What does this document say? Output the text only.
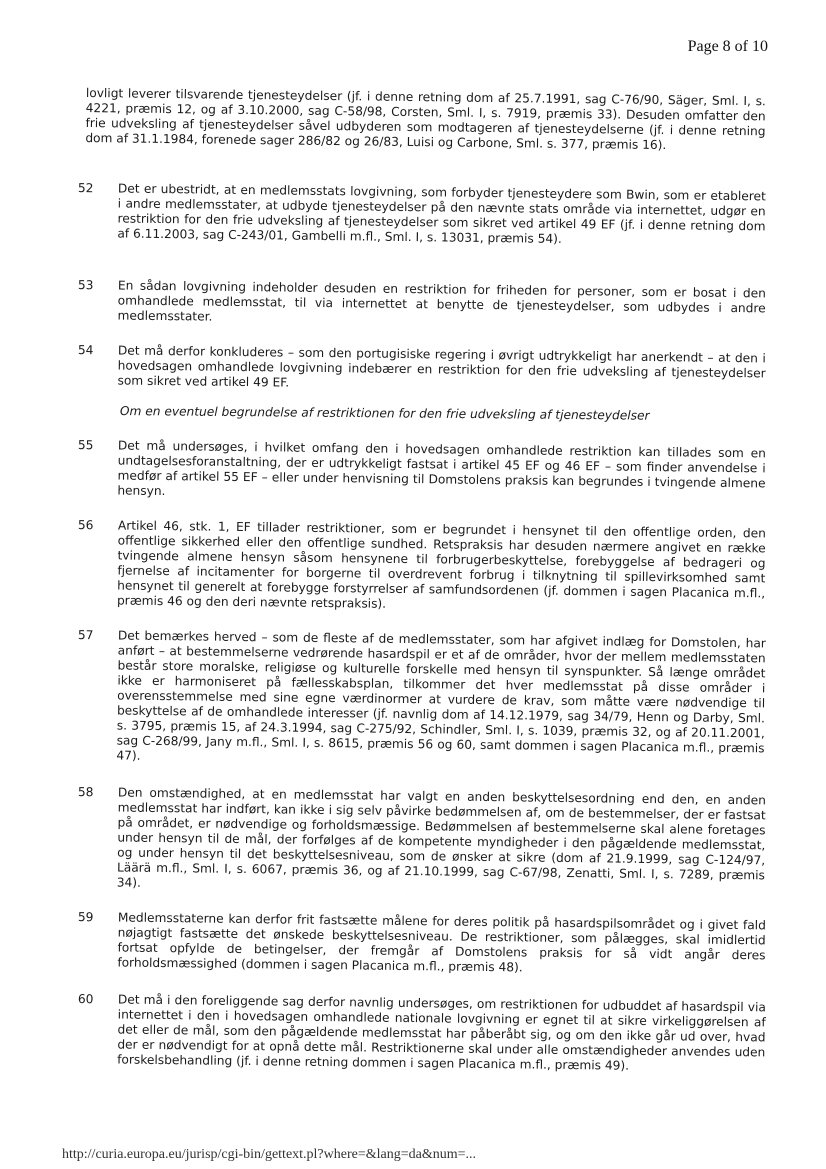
Page 8 of 10
lovligt leverer tilsvarende tjenesteydelser (jf. i denne retning dom af 25.7.1991, sag C-76/90, Säger, Sml. I, s. 4221, præmis 12, og af 3.10.2000, sag C-58/98, Corsten, Sml. I, s. 7919, præmis 33). Desuden omfatter den frie udveksling af tjenesteydelser såvel udbyderen som modtageren af tjenesteydelserne (jf. i denne retning dom af 31.1.1984, forenede sager 286/82 og 26/83, Luisi og Carbone, Sml. s. 377, præmis 16).
52	Det er ubestridt, at en medlemsstats lovgivning, som forbyder tjenesteydere som Bwin, som er etableret i andre medlemsstater, at udbyde tjenesteydelser på den nævnte stats område via internettet, udgør en restriktion for den frie udveksling af tjenesteydelser som sikret ved artikel 49 EF (jf. i denne retning dom af 6.11.2003, sag C-243/01, Gambelli m.fl., Sml. I, s. 13031, præmis 54).
53	En sådan lovgivning indeholder desuden en restriktion for friheden for personer, som er bosat i den omhandlede medlemsstat, til via internettet at benytte de tjenesteydelser, som udbydes i andre medlemsstater.
54	Det må derfor konkluderes – som den portugisiske regering i øvrigt udtrykkeligt har anerkendt – at den i hovedsagen omhandlede lovgivning indebærer en restriktion for den frie udveksling af tjenesteydelser som sikret ved artikel 49 EF.
Om en eventuel begrundelse af restriktionen for den frie udveksling af tjenesteydelser
55	Det må undersøges, i hvilket omfang den i hovedsagen omhandlede restriktion kan tillades som en undtagelsesforanstaltning, der er udtrykkeligt fastsat i artikel 45 EF og 46 EF – som finder anvendelse i medfør af artikel 55 EF – eller under henvisning til Domstolens praksis kan begrundes i tvingende almene hensyn.
56	Artikel 46, stk. 1, EF tillader restriktioner, som er begrundet i hensynet til den offentlige orden, den offentlige sikkerhed eller den offentlige sundhed. Retspraksis har desuden nærmere angivet en række tvingende almene hensyn såsom hensynene til forbrugerbeskyttelse, forebyggelse af bedrageri og fjernelse af incitamenter for borgerne til overdrevent forbrug i tilknytning til spillevirksomhed samt hensynet til generelt at forebygge forstyrrelser af samfundsordenen (jf. dommen i sagen Placanica m.fl., præmis 46 og den deri nævnte retspraksis).
57	Det bemærkes herved – som de fleste af de medlemsstater, som har afgivet indlæg for Domstolen, har anført – at bestemmelserne vedrørende hasardspil er et af de områder, hvor der mellem medlemsstaten består store moralske, religiøse og kulturelle forskelle med hensyn til synspunkter. Så længe området ikke er harmoniseret på fællesskabsplan, tilkommer det hver medlemsstat på disse områder i overensstemmelse med sine egne værdinormer at vurdere de krav, som måtte være nødvendige til beskyttelse af de omhandlede interesser (jf. navnlig dom af 14.12.1979, sag 34/79, Henn og Darby, Sml. s. 3795, præmis 15, af 24.3.1994, sag C-275/92, Schindler, Sml. I, s. 1039, præmis 32, og af 20.11.2001, sag C-268/99, Jany m.fl., Sml. I, s. 8615, præmis 56 og 60, samt dommen i sagen Placanica m.fl., præmis 47).
58	Den omstændighed, at en medlemsstat har valgt en anden beskyttelsesordning end den, en anden medlemsstat har indført, kan ikke i sig selv påvirke bedømmelsen af, om de bestemmelser, der er fastsat på området, er nødvendige og forholdsmæssige. Bedømmelsen af bestemmelserne skal alene foretages under hensyn til de mål, der forfølges af de kompetente myndigheder i den pågældende medlemsstat, og under hensyn til det beskyttelsesniveau, som de ønsker at sikre (dom af 21.9.1999, sag C-124/97, Läärä m.fl., Sml. I, s. 6067, præmis 36, og af 21.10.1999, sag C-67/98, Zenatti, Sml. I, s. 7289, præmis 34).
59	Medlemsstaterne kan derfor frit fastsætte målene for deres politik på hasardspilsområdet og i givet fald nøjagtigt fastsætte det ønskede beskyttelsesniveau. De restriktioner, som pålægges, skal imidlertid fortsat opfylde de betingelser, der fremgår af Domstolens praksis for så vidt angår deres forholdsmæssighed (dommen i sagen Placanica m.fl., præmis 48).
60	Det må i den foreliggende sag derfor navnlig undersøges, om restriktionen for udbuddet af hasardspil via internettet i den i hovedsagen omhandlede nationale lovgivning er egnet til at sikre virkeliggørelsen af det eller de mål, som den pågældende medlemsstat har påberåbt sig, og om den ikke går ud over, hvad der er nødvendigt for at opnå dette mål. Restriktionerne skal under alle omstændigheder anvendes uden forskelsbehandling (jf. i denne retning dommen i sagen Placanica m.fl., præmis 49).
http://curia.europa.eu/jurisp/cgi-bin/gettext.pl?where=&lang=da&num=...
